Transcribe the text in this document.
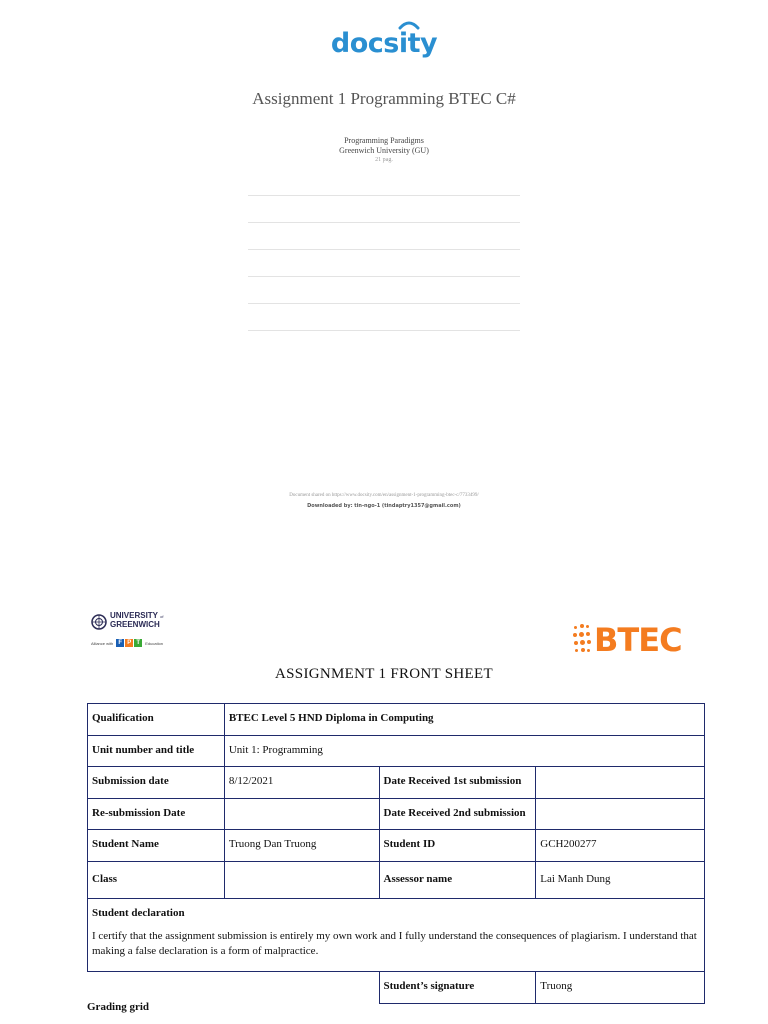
docsity
Assignment 1 Programming BTEC C#
Programming Paradigms
Greenwich University (GU)
21 pag.
Document shared on https://www.docsity.com/en/assignment-1-programming-btec-c/7733499/
Downloaded by: tin-ngo-1 (tindaptry1357@gmail.com)
UNIVERSITY of
GREENWICH
Alliance with F P T	Education	BTEC
ASSIGNMENT 1 FRONT SHEET
Qualification	BTEC Level 5 HND Diploma in Computing		
Unit number and title	Unit 1: Programming		
Submission date	8/12/2021	Date Received 1st submission	
Re-submission Date		Date Received 2nd submission	
Student Name	Truong Dan Truong	Student ID	GCH200277
Class		Assessor name	Lai Manh Dung

Student declaration
I certify that the assignment submission is entirely my own work and I fully understand the consequences of plagiarism. I understand that making a false declaration is a form of malpractice.			

		Student’s signature	Truong
Grading grid
